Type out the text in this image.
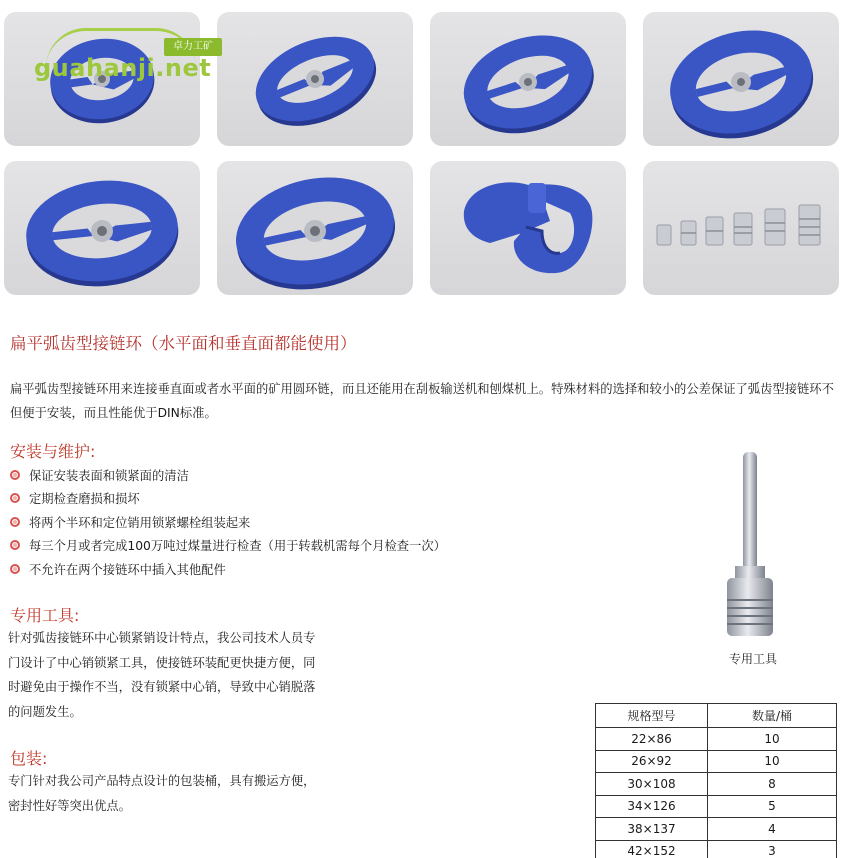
卓力工矿
guahanji.net
扁平弧齿型接链环（水平面和垂直面都能使用）
扁平弧齿型接链环用来连接垂直面或者水平面的矿用圆环链，而且还能用在刮板输送机和刨煤机上。特殊材料的选择和较小的公差保证了弧齿型接链环不但便于安装，而且性能优于DIN标准。
安装与维护:
保证安装表面和锁紧面的清洁
定期检查磨损和损坏
将两个半环和定位销用锁紧螺栓组装起来
每三个月或者完成100万吨过煤量进行检查（用于转载机需每个月检查一次）
不允许在两个接链环中插入其他配件
专用工具:
针对弧齿接链环中心锁紧销设计特点，我公司技术人员专
门设计了中心销锁紧工具，使接链环装配更快捷方便，同
时避免由于操作不当，没有锁紧中心销，导致中心销脱落
的问题发生。
专用工具
包装:
专门针对我公司产品特点设计的包装桶，具有搬运方便，
密封性好等突出优点。
规格型号	数量/桶
22×86	10
26×92	10
30×108	8
34×126	5
38×137	4
42×152	3
